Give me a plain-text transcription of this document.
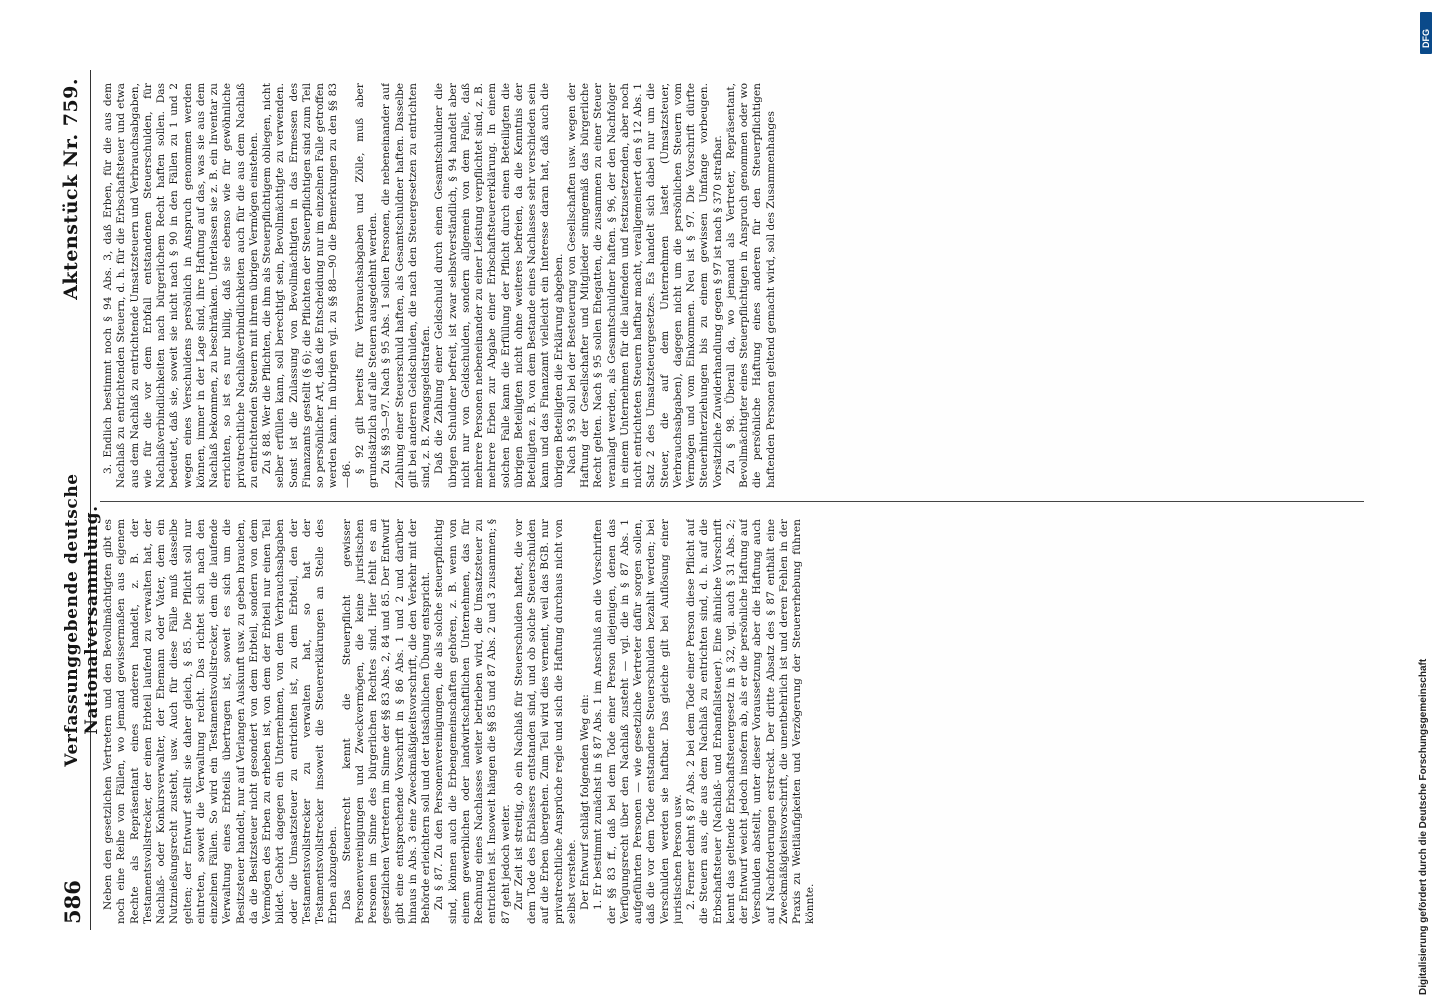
586
Verfassunggebende deutsche Nationalversammlung.
Aktenstück Nr. 759.

Neben den gesetzlichen Vertretern und den Bevollmächtigten gibt es noch eine Reihe von Fällen, wo jemand gewissermaßen aus eigenem Rechte als Repräsentant eines anderen handelt, z. B. der Testamentsvollstrecker, der einen Erbteil laufend zu verwalten hat, der Nachlaß- oder Konkursverwalter, der Ehemann oder Vater, dem ein Nutznießungsrecht zusteht, usw. Auch für diese Fälle muß dasselbe gelten; der Entwurf stellt sie daher gleich, § 85. Die Pflicht soll nur eintreten, soweit die Verwaltung reicht. Das richtet sich nach den einzelnen Fällen. So wird ein Testamentsvollstrecker, dem die laufende Verwaltung eines Erbteils übertragen ist, soweit es sich um die Besitzsteuer handelt, nur auf Verlangen Auskunft usw. zu geben brauchen, da die Besitzsteuer nicht gesondert von dem Erbteil, sondern von dem Vermögen des Erben zu erheben ist, von dem der Erbteil nur einen Teil bildet. Gehört dagegen ein Unternehmen, von dem Verbrauchsabgaben oder die Umsatzsteuer zu entrichten ist, zu dem Erbteil, den der Testamentsvollstrecker zu verwalten hat, so hat der Testamentsvollstrecker insoweit die Steuererklärungen an Stelle des Erben abzugeben. Das Steuerrecht kennt die Steuerpflicht gewisser Personenvereinigungen und Zweckvermögen, die keine juristischen Personen im Sinne des bürgerlichen Rechtes sind. Hier fehlt es an gesetzlichen Vertretern im Sinne der §§ 83 Abs. 2, 84 und 85. Der Entwurf gibt eine entsprechende Vorschrift in § 86 Abs. 1 und 2 und darüber hinaus in Abs. 3 eine Zweckmäßigkeitsvorschrift, die den Verkehr mit der Behörde erleichtern soll und der tatsächlichen Übung entspricht. Zu § 87. Zu den Personenvereinigungen, die als solche steuerpflichtig sind, können auch die Erbengemeinschaften gehören, z. B. wenn von einem gewerblichen oder landwirtschaftlichen Unternehmen, das für Rechnung eines Nachlasses weiter betrieben wird, die Umsatzsteuer zu entrichten ist. Insoweit hängen die §§ 85 und 87 Abs. 2 und 3 zusammen; § 87 geht jedoch weiter. Zur Zeit ist streitig, ob ein Nachlaß für Steuerschulden haftet, die vor dem Tode des Erblassers entstanden sind, und ob solche Steuerschulden auf die Erben übergehen. Zum Teil wird dies verneint, weil das BGB. nur privatrechtliche Ansprüche regle und sich die Haftung durchaus nicht von selbst verstehe. Der Entwurf schlägt folgenden Weg ein: 1. Er bestimmt zunächst in § 87 Abs. 1 im Anschluß an die Vorschriften der §§ 83 ff., daß bei dem Tode einer Person diejenigen, denen das Verfügungsrecht über den Nachlaß zusteht — vgl. die in § 87 Abs. 1 aufgeführten Personen — wie gesetzliche Vertreter dafür sorgen sollen, daß die vor dem Tode entstandene Steuerschulden bezahlt werden; bei Verschulden werden sie haftbar. Das gleiche gilt bei Auflösung einer juristischen Person usw. 2. Ferner dehnt § 87 Abs. 2 bei dem Tode einer Person diese Pflicht auf die Steuern aus, die aus dem Nachlaß zu entrichten sind, d. h. auf die Erbschaftsteuer (Nachlaß- und Erbanfallsteuer). Eine ähnliche Vorschrift kennt das geltende Erbschaftsteuergesetz in § 32, vgl. auch § 31 Abs. 2; der Entwurf weicht jedoch insofern ab, als er die persönliche Haftung auf Verschulden abstellt, unter dieser Voraussetzung aber die Haftung auch auf Nachforderungen erstreckt. Der dritte Absatz des § 87 enthält eine Zweckmäßigkeitsvorschrift, die unentbehrlich ist und deren Fehlen in der Praxis zu Weitläufigkeiten und Verzögerung der Steuererhebung führen könnte.

3. Endlich bestimmt noch § 94 Abs. 3, daß Erben, für die aus dem Nachlaß zu entrichtenden Steuern, d. h. für die Erbschaftsteuer und etwa aus dem Nachlaß zu entrichtende Umsatzsteuern und Verbrauchsabgaben, wie für die vor dem Erbfall entstandenen Steuerschulden, für Nachlaßverbindlichkeiten nach bürgerlichem Recht haften sollen. Das bedeutet, daß sie, soweit sie nicht nach § 90 in den Fällen zu 1 und 2 wegen eines Verschuldens persönlich in Anspruch genommen werden können, immer in der Lage sind, ihre Haftung auf das, was sie aus dem Nachlaß bekommen, zu beschränken. Unterlassen sie z. B. ein Inventar zu errichten, so ist es nur billig, daß sie ebenso wie für gewöhnliche privatrechtliche Nachlaßverbindlichkeiten auch für die aus dem Nachlaß zu entrichtenden Steuern mit ihrem übrigen Vermögen einstehen. Zu § 88. Wer die Pflichten, die ihm als Steuerpflichtigem obliegen, nicht selber erfüllen kann, soll berechtigt sein, Bevollmächtigte zu verwenden. Sonst ist die Zulassung von Bevollmächtigten in das Ermessen des Finanzamts gestellt (§ 6); die Pflichten der Steuerpflichtigen sind zum Teil so persönlicher Art, daß die Entscheidung nur im einzelnen Falle getroffen werden kann. Im übrigen vgl. zu §§ 88—90 die Bemerkungen zu den §§ 83—86.

§ 92 gilt bereits für Verbrauchsabgaben und Zölle, muß aber grundsätzlich auf alle Steuern ausgedehnt werden. Zu §§ 93—97. Nach § 95 Abs. 1 sollen Personen, die nebeneinander auf Zahlung einer Steuerschuld haften, als Gesamtschuldner haften. Dasselbe gilt bei anderen Geldschulden, die nach den Steuergesetzen zu entrichten sind, z. B. Zwangsgeldstrafen. Daß die Zahlung einer Geldschuld durch einen Gesamtschuldner die übrigen Schuldner befreit, ist zwar selbstverständlich, § 94 handelt aber nicht nur von Geldschulden, sondern allgemein von dem Falle, daß mehrere Personen nebeneinander zu einer Leistung verpflichtet sind, z. B. mehrere Erben zur Abgabe einer Erbschaftsteuererklärung. In einem solchen Falle kann die Erfüllung der Pflicht durch einen Beteiligten die übrigen Beteiligten nicht ohne weiteres befreien, da die Kenntnis der Beteiligten z. B. von dem Bestande eines Nachlasses sehr verschieden sein kann und das Finanzamt vielleicht ein Interesse daran hat, daß auch die übrigen Beteiligten die Erklärung abgeben. Nach § 93 soll bei der Besteuerung von Gesellschaften usw. wegen der Haftung der Gesellschafter und Mitglieder sinngemäß das bürgerliche Recht gelten. Nach § 95 sollen Ehegatten, die zusammen zu einer Steuer veranlagt werden, als Gesamtschuldner haften. § 96, der den Nachfolger in einem Unternehmen für die laufenden und festzusetzenden, aber noch nicht entrichteten Steuern haftbar macht, verallgemeinert den § 12 Abs. 1 Satz 2 des Umsatzsteuergesetzes. Es handelt sich dabei nur um die Steuer, die auf dem Unternehmen lastet (Umsatzsteuer, Verbrauchsabgaben), dagegen nicht um die persönlichen Steuern vom Vermögen und vom Einkommen. Neu ist § 97. Die Vorschrift dürfte Steuerhinterziehungen bis zu einem gewissen Umfange vorbeugen. Vorsätzliche Zuwiderhandlung gegen § 97 ist nach § 370 strafbar. Zu § 98. Überall da, wo jemand als Vertreter, Repräsentant, Bevollmächtigter eines Steuerpflichtigen in Anspruch genommen oder wo die persönliche Haftung eines anderen für den Steuerpflichtigen haftenden Personen geltend gemacht wird, soll des Zusammenhanges

DFG
Digitalisierung gefördert durch die Deutsche Forschungsgemeinschaft
